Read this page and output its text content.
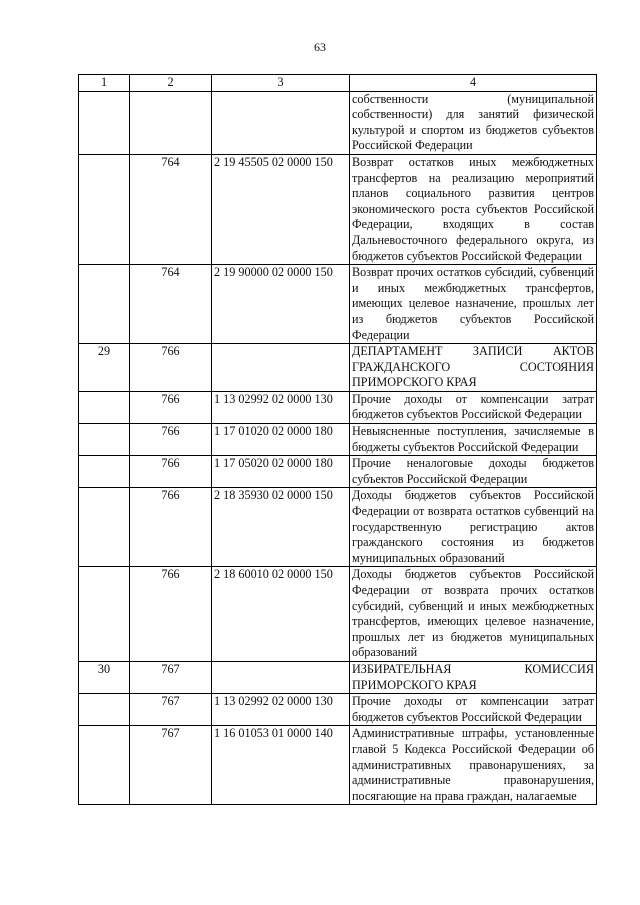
63
1	2	3	4
			собственности (муниципальной собственности) для занятий физической культурой и спортом из бюджетов субъектов Российской Федерации
	764	2 19 45505 02 0000 150	Возврат остатков иных межбюджетных трансфертов на реализацию мероприятий планов социального развития центров экономического роста субъектов Российской Федерации, входящих в состав Дальневосточного федерального округа, из бюджетов субъектов Российской Федерации
	764	2 19 90000 02 0000 150	Возврат прочих остатков субсидий, субвенций и иных межбюджетных трансфертов, имеющих целевое назначение, прошлых лет из бюджетов субъектов Российской Федерации
29	766		ДЕПАРТАМЕНТ ЗАПИСИ АКТОВ ГРАЖДАНСКОГО СОСТОЯНИЯ ПРИМОРСКОГО КРАЯ
	766	1 13 02992 02 0000 130	Прочие доходы от компенсации затрат бюджетов субъектов Российской Федерации
	766	1 17 01020 02 0000 180	Невыясненные поступления, зачисляемые в бюджеты субъектов Российской Федерации
	766	1 17 05020 02 0000 180	Прочие неналоговые доходы бюджетов субъектов Российской Федерации
	766	2 18 35930 02 0000 150	Доходы бюджетов субъектов Российской Федерации от возврата остатков субвенций на государственную регистрацию актов гражданского состояния из бюджетов муниципальных образований
	766	2 18 60010 02 0000 150	Доходы бюджетов субъектов Российской Федерации от возврата прочих остатков субсидий, субвенций и иных межбюджетных трансфертов, имеющих целевое назначение, прошлых лет из бюджетов муниципальных образований
30	767		ИЗБИРАТЕЛЬНАЯ КОМИССИЯ ПРИМОРСКОГО КРАЯ
	767	1 13 02992 02 0000 130	Прочие доходы от компенсации затрат бюджетов субъектов Российской Федерации
	767	1 16 01053 01 0000 140	Административные штрафы, установленные главой 5 Кодекса Российской Федерации об административных правонарушениях, за административные правонарушения, посягающие на права граждан, налагаемые
